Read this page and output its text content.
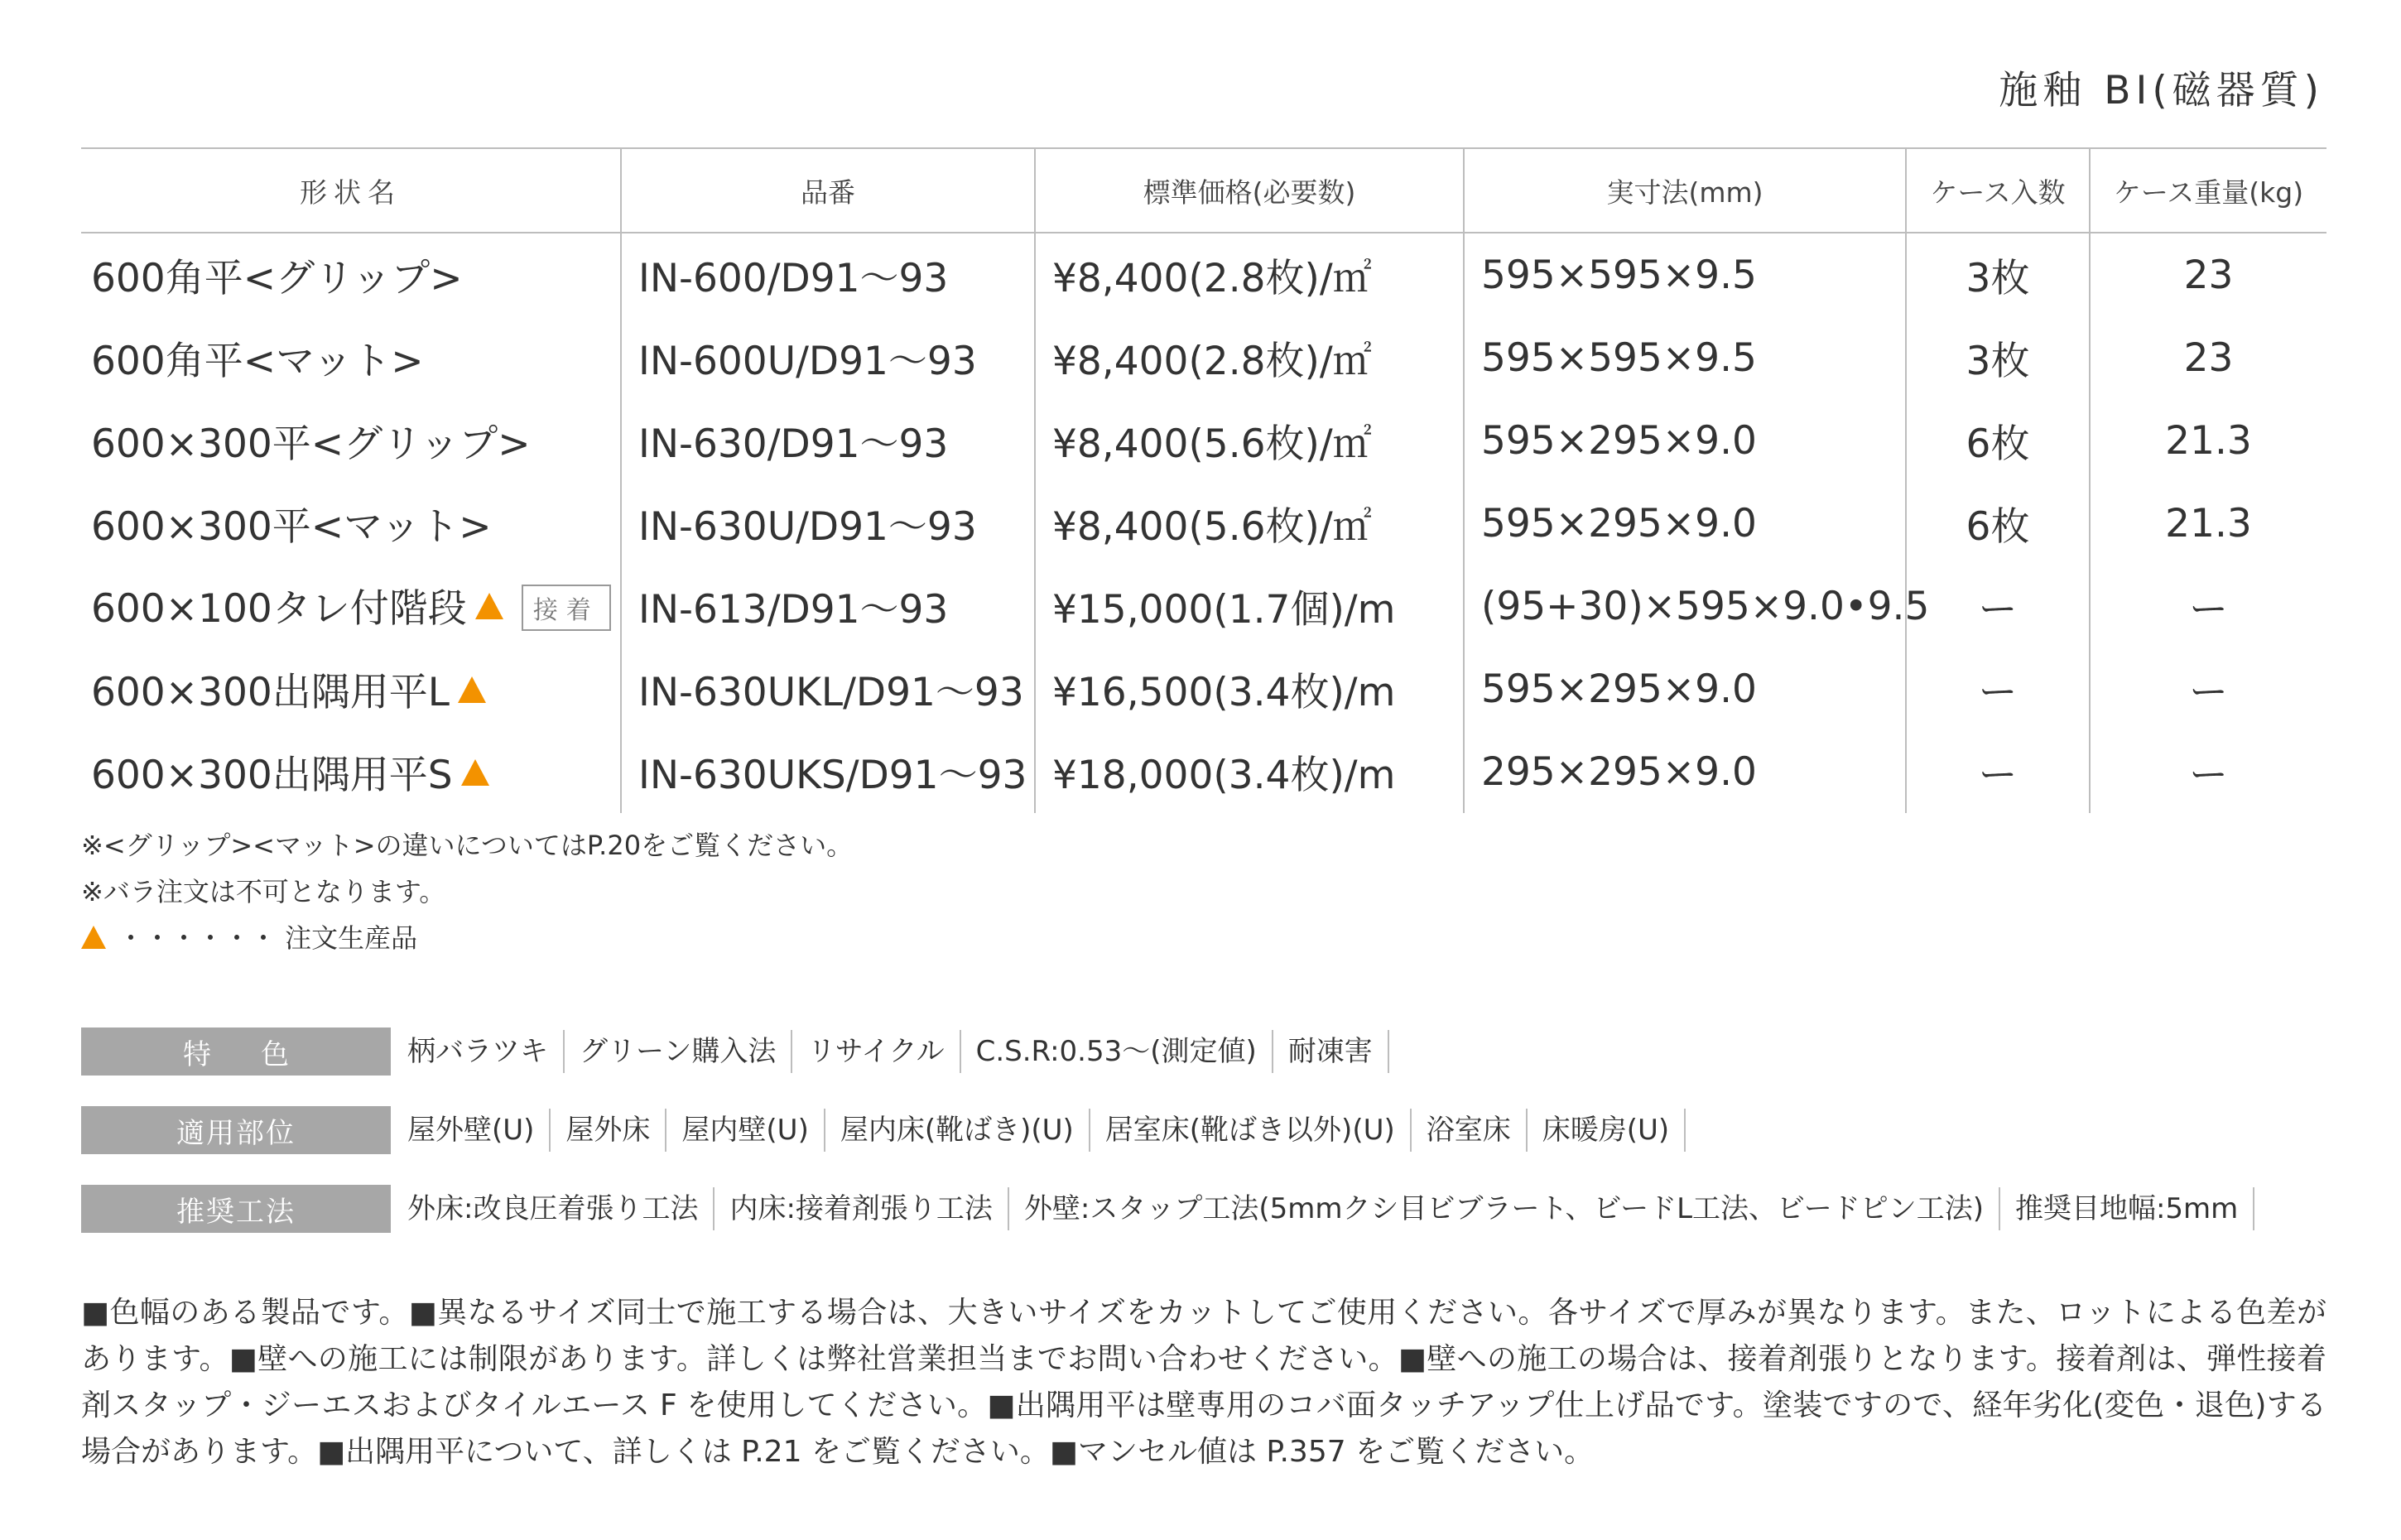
施釉 BI(磁器質)
形状名	品番	標準価格(必要数)	実寸法(mm)	ケース入数	ケース重量(kg)
600角平<グリップ>	IN-600/D91〜93	¥8,400(2.8枚)/㎡	595×595×9.5	3枚	23
600角平<マット>	IN-600U/D91〜93	¥8,400(2.8枚)/㎡	595×595×9.5	3枚	23
600×300平<グリップ>	IN-630/D91〜93	¥8,400(5.6枚)/㎡	595×295×9.0	6枚	21.3
600×300平<マット>	IN-630U/D91〜93	¥8,400(5.6枚)/㎡	595×295×9.0	6枚	21.3
600×100タレ付階段 接着	IN-613/D91〜93	¥15,000(1.7個)/m	(95+30)×595×9.0•9.5	ー	ー
600×300出隅用平L	IN-630UKL/D91〜93	¥16,500(3.4枚)/m	595×295×9.0	ー	ー
600×300出隅用平S	IN-630UKS/D91〜93	¥18,000(3.4枚)/m	295×295×9.0	ー	ー
※<グリップ><マット>の違いについてはP.20をご覧ください。
※バラ注文は不可となります。
・・・・・・ 注文生産品
特色	柄バラツキ	グリーン購入法	リサイクル	C.S.R:0.53〜(測定値)	耐凍害
適用部位	屋外壁(U)	屋外床	屋内壁(U)	屋内床(靴ばき)(U)	居室床(靴ばき以外)(U)	浴室床	床暖房(U)
推奨工法	外床:改良圧着張り工法	内床:接着剤張り工法	外壁:スタップ工法(5mmクシ目ビブラート、ビードL工法、ビードピン工法)	推奨目地幅:5mm
■色幅のある製品です。■異なるサイズ同士で施工する場合は、大きいサイズをカットしてご使用ください。各サイズで厚みが異なります。また、ロットによる色差があります。■壁への施工には制限があります。詳しくは弊社営業担当までお問い合わせください。■壁への施工の場合は、接着剤張りとなります。接着剤は、弾性接着剤スタップ・ジーエスおよびタイルエース F を使用してください。■出隅用平は壁専用のコバ面タッチアップ仕上げ品です。塗装ですので、経年劣化(変色・退色)する場合があります。■出隅用平について、詳しくは P.21 をご覧ください。■マンセル値は P.357 をご覧ください。
